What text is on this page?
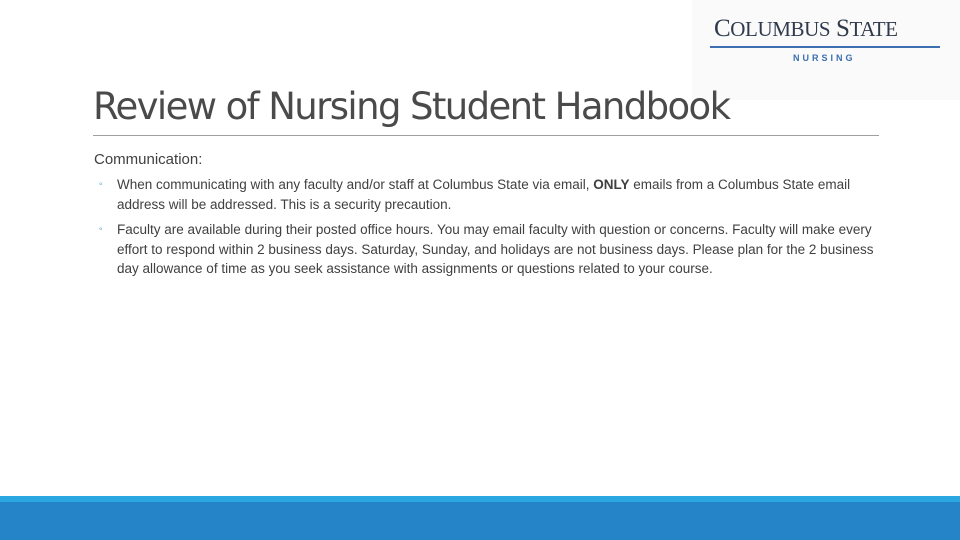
COLUMBUS STATE
NURSING
Review of Nursing Student Handbook
Communication:
◦ When communicating with any faculty and/or staff at Columbus State via email, ONLY emails from a Columbus State email address will be addressed. This is a security precaution.
◦ Faculty are available during their posted office hours. You may email faculty with question or concerns. Faculty will make every effort to respond within 2 business days. Saturday, Sunday, and holidays are not business days. Please plan for the 2 business day allowance of time as you seek assistance with assignments or questions related to your course.
